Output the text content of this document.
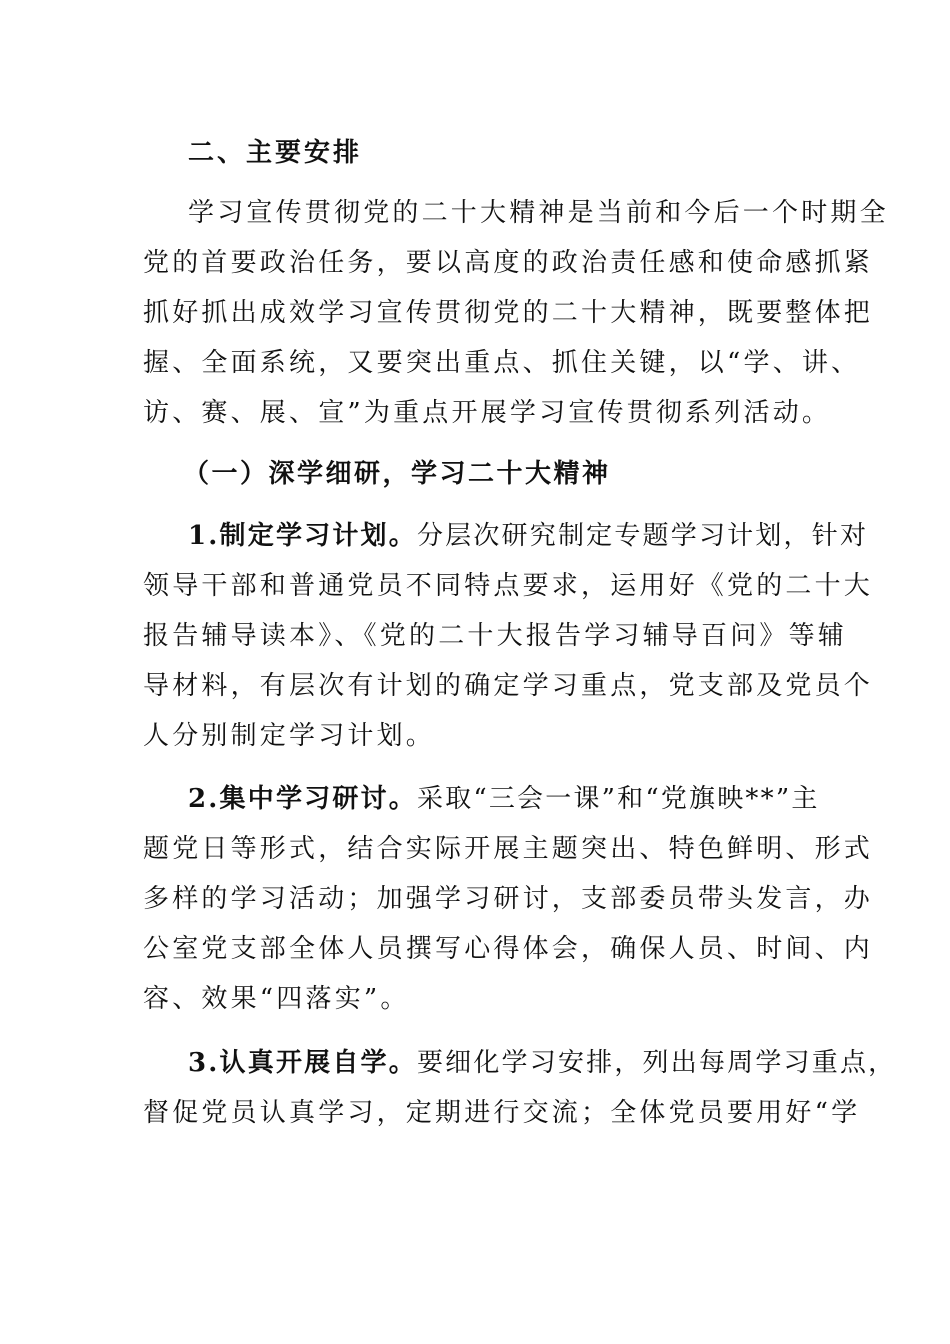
二、主要安排
学习宣传贯彻党的二十大精神是当前和今后一个时期全
党的首要政治任务，要以高度的政治责任感和使命感抓紧
抓好抓出成效学习宣传贯彻党的二十大精神，既要整体把
握、全面系统，又要突出重点、抓住关键，以“学、讲、
访、赛、展、宣”为重点开展学习宣传贯彻系列活动。
（一）深学细研，学习二十大精神
1.制定学习计划。分层次研究制定专题学习计划，针对
领导干部和普通党员不同特点要求，运用好《党的二十大
报告辅导读本》、《党的二十大报告学习辅导百问》等辅
导材料，有层次有计划的确定学习重点，党支部及党员个
人分别制定学习计划。
2.集中学习研讨。采取“三会一课”和“党旗映**”主
题党日等形式，结合实际开展主题突出、特色鲜明、形式
多样的学习活动；加强学习研讨，支部委员带头发言，办
公室党支部全体人员撰写心得体会，确保人员、时间、内
容、效果“四落实”。
3.认真开展自学。要细化学习安排，列出每周学习重点，
督促党员认真学习，定期进行交流；全体党员要用好“学
